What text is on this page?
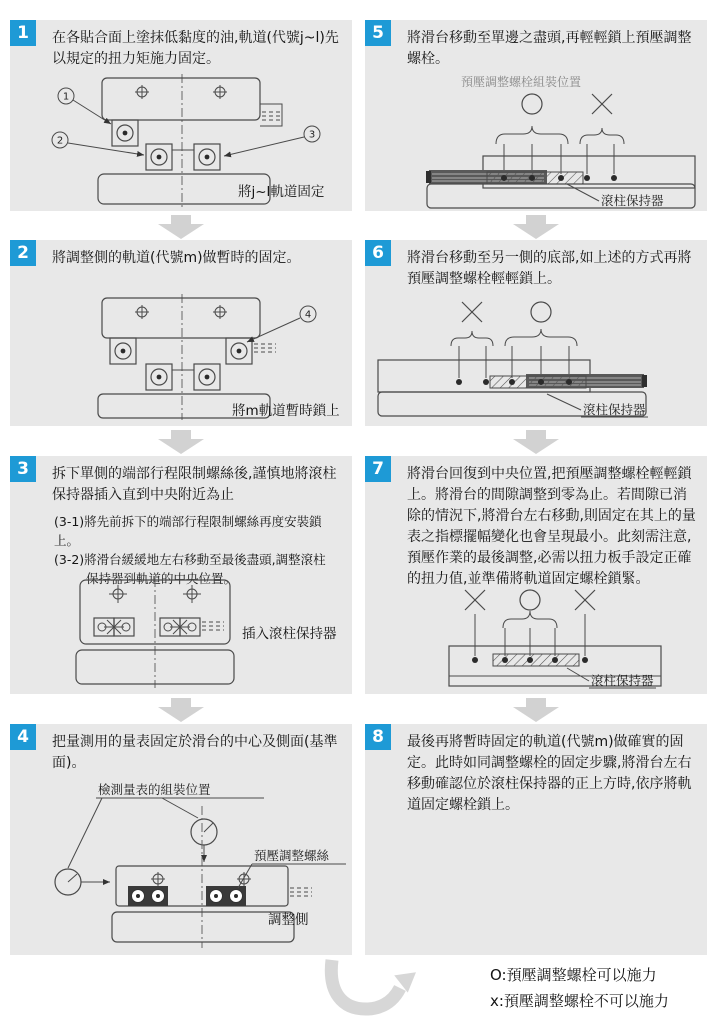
1	在各貼合面上塗抹低黏度的油,軌道(代號j~l)先以規定的扭力矩施力固定。
1
2
3
將j~l軌道固定
5	將滑台移動至單邊之盡頭,再輕輕鎖上預壓調整螺栓。
預壓調整螺栓組裝位置
滾柱保持器
2	將調整側的軌道(代號m)做暫時的固定。
4
將m軌道暫時鎖上
6	將滑台移動至另一側的底部,如上述的方式再將預壓調整螺栓輕輕鎖上。
滾柱保持器
3	拆下單側的端部行程限制螺絲後,謹慎地將滾柱保持器插入直到中央附近為止
(3-1)將先前拆下的端部行程限制螺絲再度安裝鎖上。
(3-2)將滑台緩緩地左右移動至最後盡頭,調整滾柱
保持器到軌道的中央位置。
插入滾柱保持器
7	將滑台回復到中央位置,把預壓調整螺栓輕輕鎖上。將滑台的間隙調整到零為止。若間隙已消除的情況下,將滑台左右移動,則固定在其上的量表之指標擺幅變化也會呈現最小。此刻需注意,預壓作業的最後調整,必需以扭力板手設定正確的扭力值,並準備將軌道固定螺栓鎖緊。
滾柱保持器
4	把量測用的量表固定於滑台的中心及側面(基準面)。
檢測量表的組裝位置
預壓調整螺絲
調整側
8	最後再將暫時固定的軌道(代號m)做確實的固定。此時如同調整螺栓的固定步驟,將滑台左右移動確認位於滾柱保持器的正上方時,依序將軌道固定螺栓鎖上。
O:預壓調整螺栓可以施力
x:預壓調整螺栓不可以施力
